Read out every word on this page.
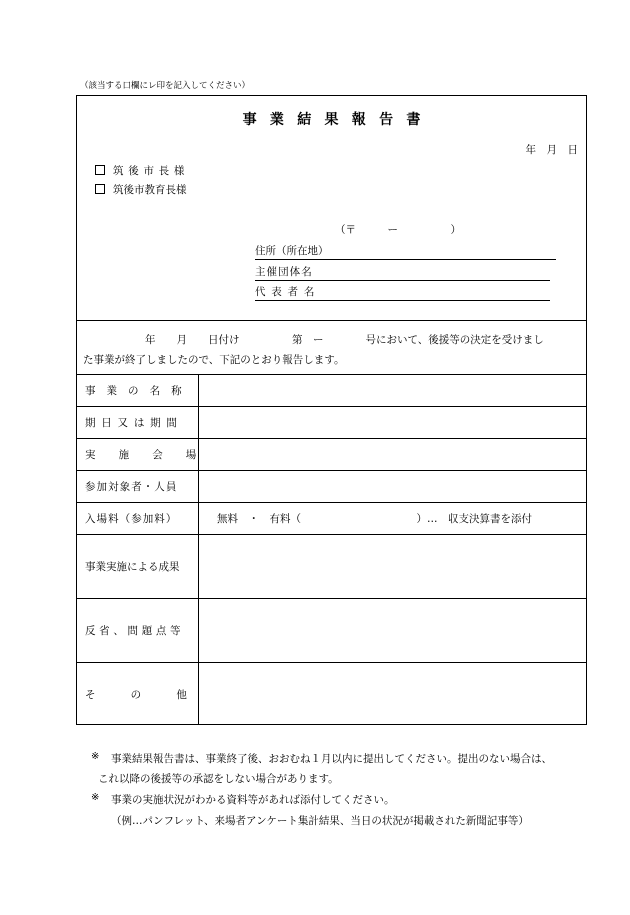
（該当する口欄にレ印を記入してください）
事業結果報告書
年　月　日
筑後市長様
筑後市教育長様
（〒　　　ー　　　　　）
住所（所在地）
主催団体名
代表者名
年　　月　　日付け　　　　　第　ー　　　　号において、後援等の決定を受けまし
た事業が終了しましたので、下記のとおり報告します。
事業の名称
期日又は期間
実施会場
参加対象者・人員
入場料（参加料）	無料　・　有料（　　　　　　　　　　　）…　収支決算書を添付
事業実施による成果
反省、問題点等
その他
※ 事業結果報告書は、事業終了後、おおむね１月以内に提出してください。提出のない場合は、
これ以降の後援等の承認をしない場合があります。
※ 事業の実施状況がわかる資料等があれば添付してください。
（例…パンフレット、来場者アンケート集計結果、当日の状況が掲載された新聞記事等）
